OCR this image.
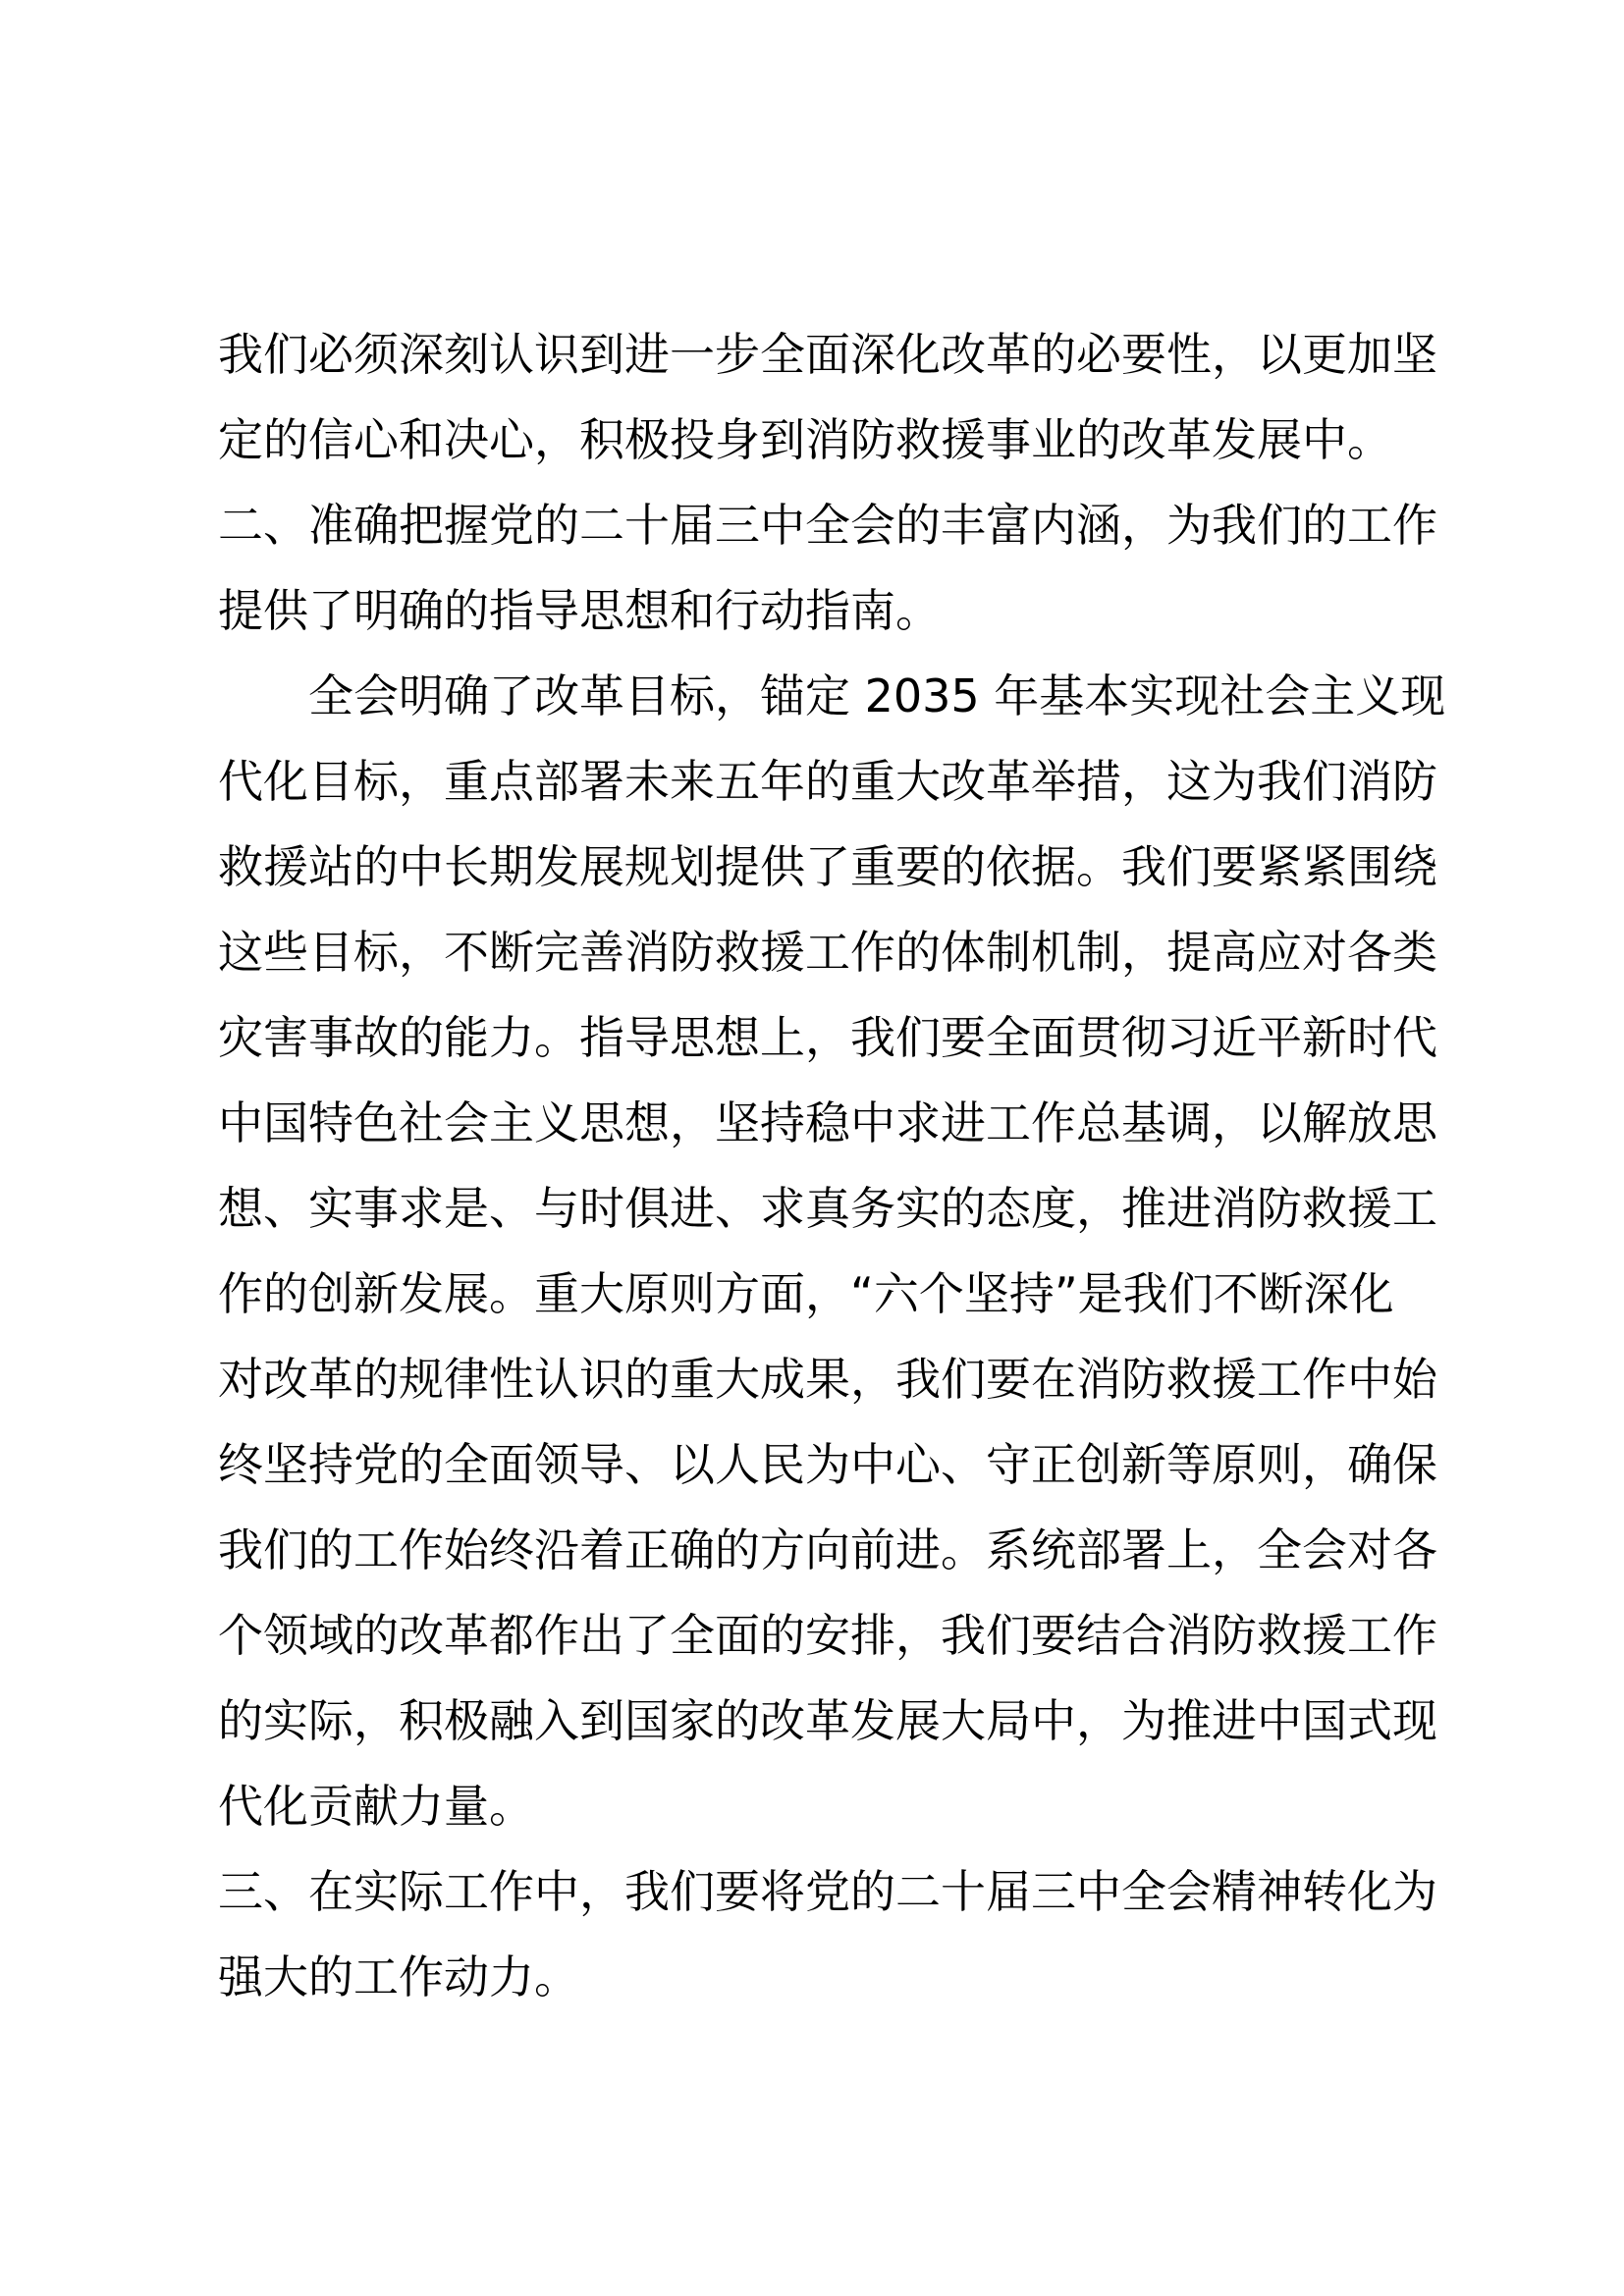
我们必须深刻认识到进一步全面深化改革的必要性，以更加坚
定的信心和决心，积极投身到消防救援事业的改革发展中。
二、准确把握党的二十届三中全会的丰富内涵，为我们的工作
提供了明确的指导思想和行动指南。
全会明确了改革目标，锚定 2035 年基本实现社会主义现
代化目标，重点部署未来五年的重大改革举措，这为我们消防
救援站的中长期发展规划提供了重要的依据。我们要紧紧围绕
这些目标，不断完善消防救援工作的体制机制，提高应对各类
灾害事故的能力。指导思想上，我们要全面贯彻习近平新时代
中国特色社会主义思想，坚持稳中求进工作总基调，以解放思
想、实事求是、与时俱进、求真务实的态度，推进消防救援工
作的创新发展。重大原则方面，“六个坚持”是我们不断深化
对改革的规律性认识的重大成果，我们要在消防救援工作中始
终坚持党的全面领导、以人民为中心、守正创新等原则，确保
我们的工作始终沿着正确的方向前进。系统部署上，全会对各
个领域的改革都作出了全面的安排，我们要结合消防救援工作
的实际，积极融入到国家的改革发展大局中，为推进中国式现
代化贡献力量。
三、在实际工作中，我们要将党的二十届三中全会精神转化为
强大的工作动力。
